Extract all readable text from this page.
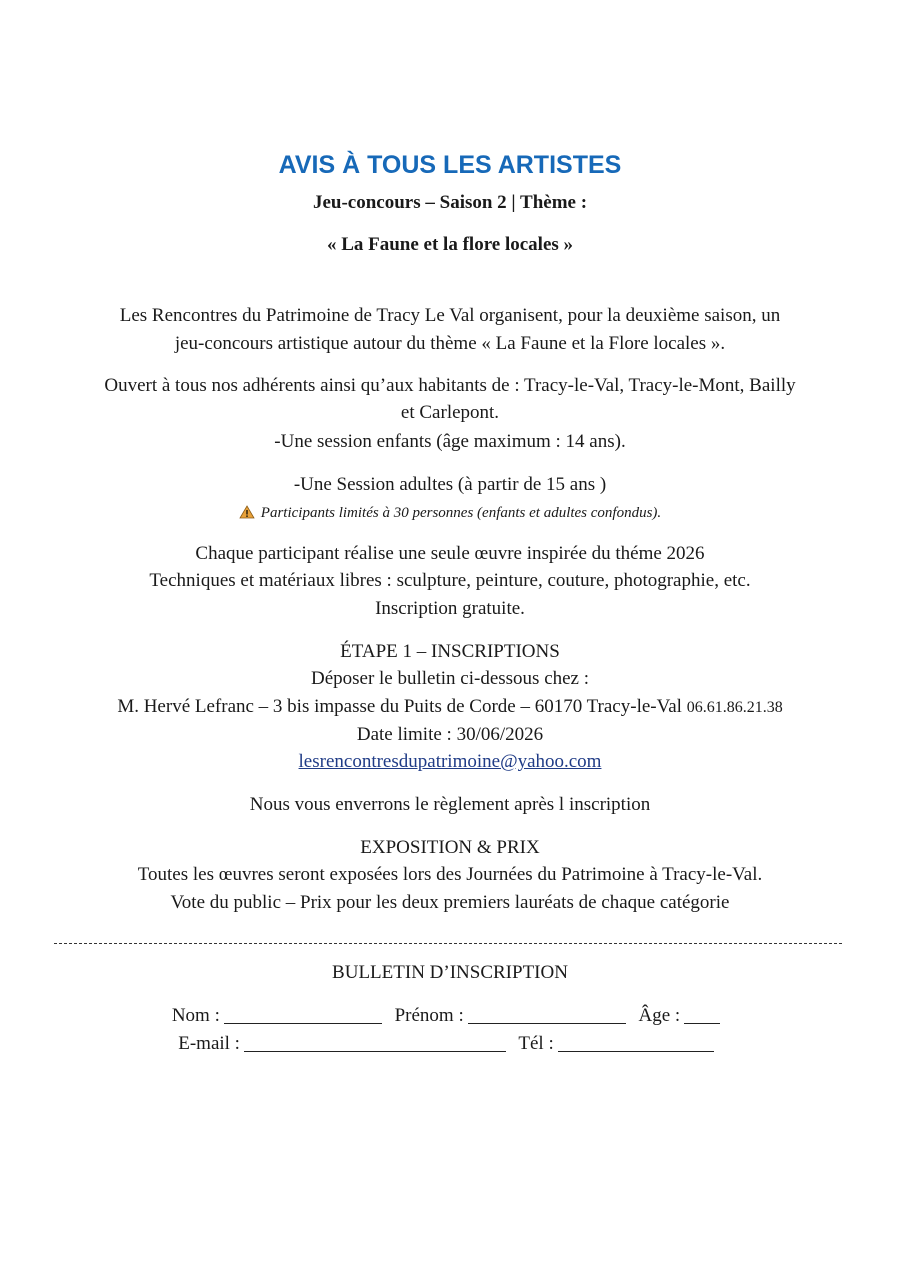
AVIS À TOUS LES ARTISTES
Jeu-concours – Saison 2 | Thème :
« La Faune et la flore locales »
Les Rencontres du Patrimoine de Tracy Le Val organisent, pour la deuxième saison, un
jeu-concours artistique autour du thème « La Faune et la Flore locales ».
Ouvert à tous nos adhérents ainsi qu’aux habitants de : Tracy-le-Val, Tracy-le-Mont, Bailly
et Carlepont.
-Une session enfants (âge maximum : 14 ans).
-Une Session adultes (à partir de 15 ans )
Participants limités à 30 personnes (enfants et adultes confondus).
Chaque participant réalise une seule œuvre inspirée du théme 2026
Techniques et matériaux libres : sculpture, peinture, couture, photographie, etc.
Inscription gratuite.
ÉTAPE 1 – INSCRIPTIONS
Déposer le bulletin ci-dessous chez :
M. Hervé Lefranc – 3 bis impasse du Puits de Corde – 60170 Tracy-le-Val 06.61.86.21.38
Date limite : 30/06/2026
lesrencontresdupatrimoine@yahoo.com
Nous vous enverrons le règlement après l inscription
EXPOSITION & PRIX
Toutes les œuvres seront exposées lors des Journées du Patrimoine à Tracy-le-Val.
Vote du public – Prix pour les deux premiers lauréats de chaque catégorie
BULLETIN D’INSCRIPTION
Nom :	Prénom :	Âge :
E-mail :	Tél :
